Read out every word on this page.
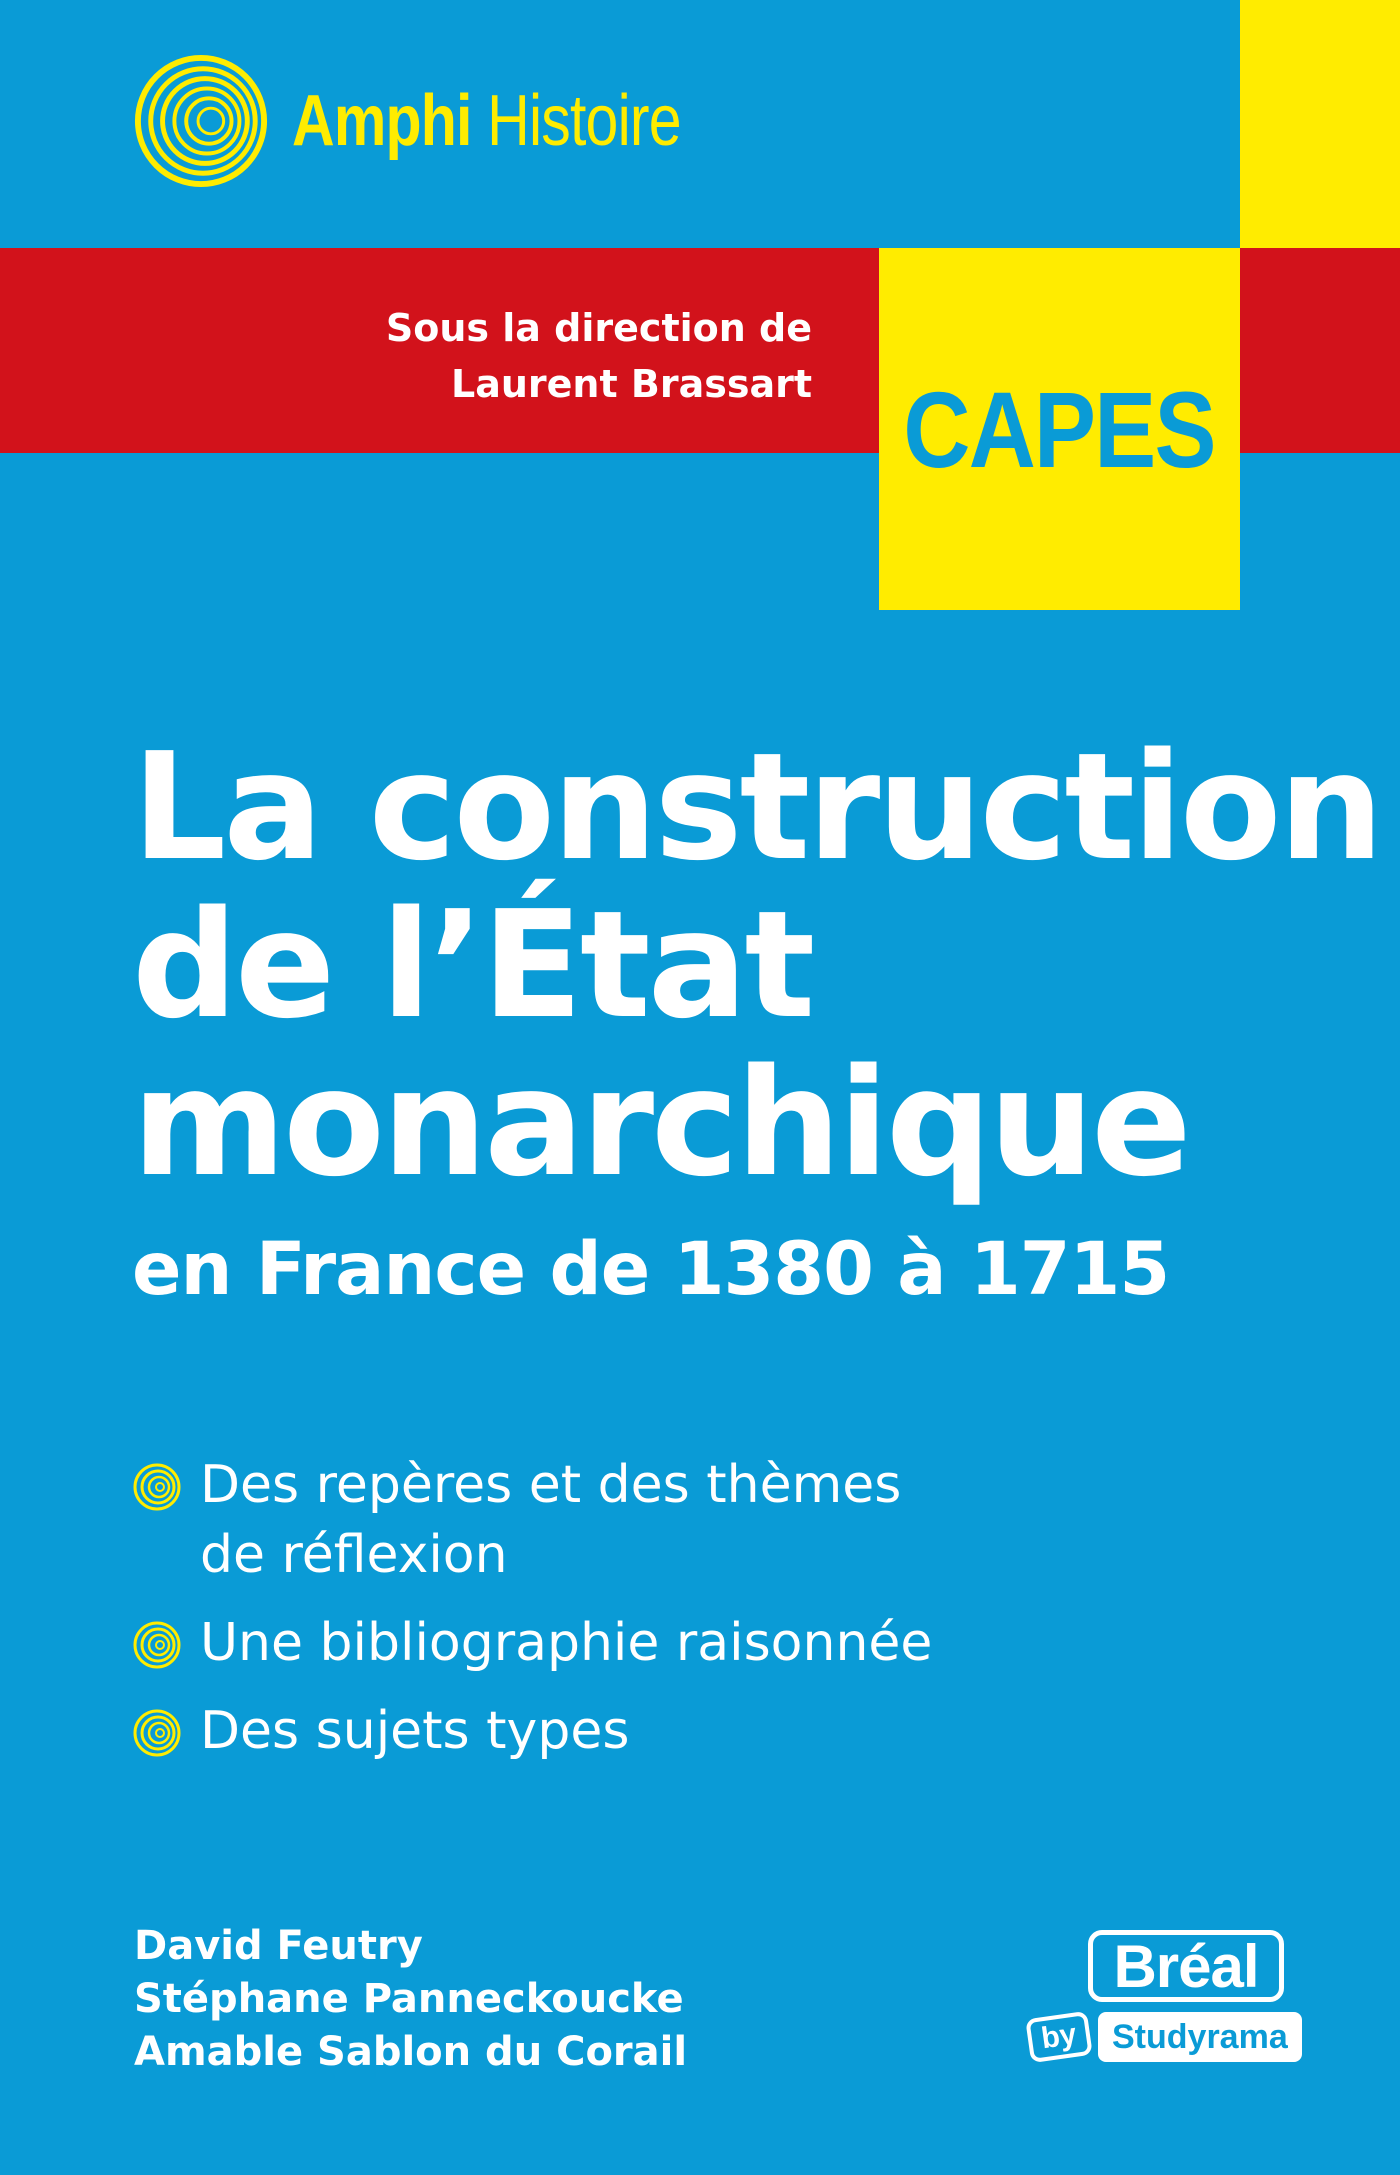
Amphi Histoire
Sous la direction de
Laurent Brassart CAPES
La construction
de l’État
monarchique
en France de 1380 à 1715
Des repères et des thèmes
de réflexion
Une bibliographie raisonnée
Des sujets types
David Feutry
Stéphane Panneckoucke
Amable Sablon du Corail
Bréal
by Studyrama
